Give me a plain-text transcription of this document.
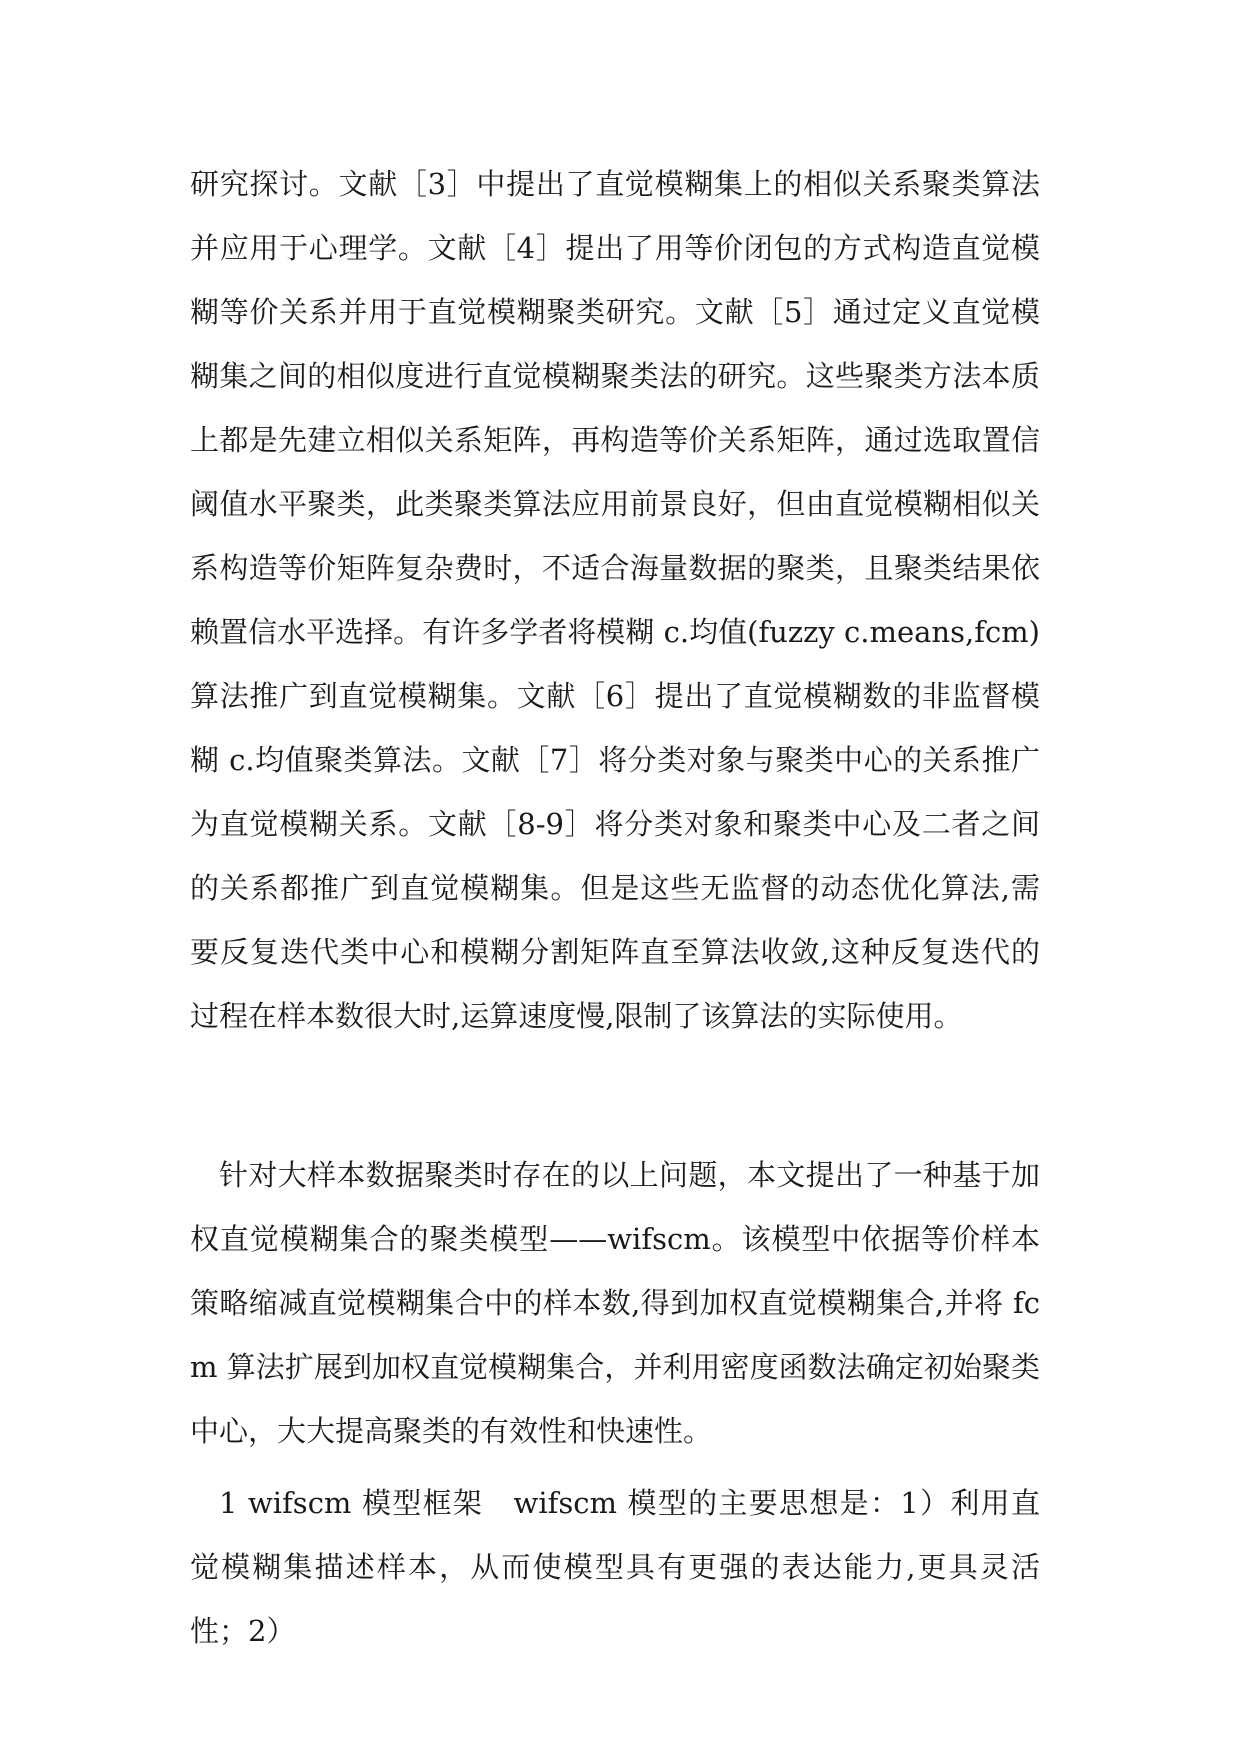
研究探讨。文献［3］中提出了直觉模糊集上的相似关系聚类算法并应用于心理学。文献［4］提出了用等价闭包的方式构造直觉模糊等价关系并用于直觉模糊聚类研究。文献［5］通过定义直觉模糊集之间的相似度进行直觉模糊聚类法的研究。这些聚类方法本质上都是先建立相似关系矩阵，再构造等价关系矩阵，通过选取置信阈值水平聚类，此类聚类算法应用前景良好，但由直觉模糊相似关系构造等价矩阵复杂费时，不适合海量数据的聚类，且聚类结果依赖置信水平选择。有许多学者将模糊 c.均值(fuzzy c.means,fcm)算法推广到直觉模糊集。文献［6］提出了直觉模糊数的非监督模糊 c.均值聚类算法。文献［7］将分类对象与聚类中心的关系推广为直觉模糊关系。文献［8-9］将分类对象和聚类中心及二者之间的关系都推广到直觉模糊集。但是这些无监督的动态优化算法,需要反复迭代类中心和模糊分割矩阵直至算法收敛,这种反复迭代的过程在样本数很大时,运算速度慢,限制了该算法的实际使用。

针对大样本数据聚类时存在的以上问题，本文提出了一种基于加权直觉模糊集合的聚类模型——wifscm。该模型中依据等价样本策略缩减直觉模糊集合中的样本数,得到加权直觉模糊集合,并将 fcm 算法扩展到加权直觉模糊集合，并利用密度函数法确定初始聚类中心，大大提高聚类的有效性和快速性。

1 wifscm 模型框架　wifscm 模型的主要思想是：1）利用直觉模糊集描述样本，从而使模型具有更强的表达能力,更具灵活性；2）
